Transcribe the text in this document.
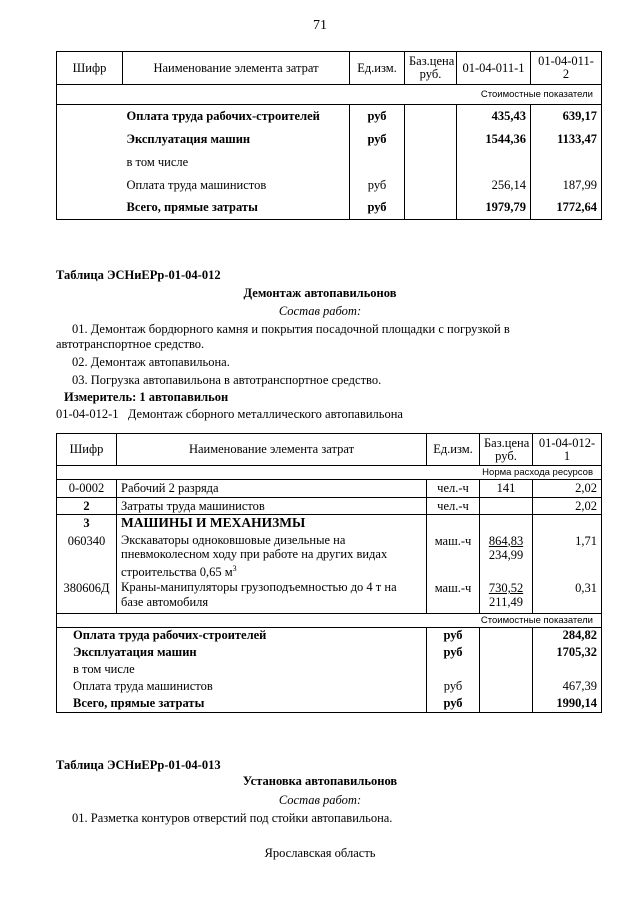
71
Шифр	Наименование элемента затрат	Ед.изм.	Баз.цена руб.	01-04-011-1	01-04-011-2
Стоимостные показатели					
	Оплата труда рабочих-строителей	руб		435,43	639,17
	Эксплуатация машин	руб		1544,36	1133,47
	в том числе				
	Оплата труда машинистов	руб		256,14	187,99
	Всего, прямые затраты	руб		1979,79	1772,64
Таблица ЭСНиЕРр-01-04-012
Демонтаж автопавильонов
Состав работ:
01. Демонтаж бордюрного камня и покрытия посадочной площадки с погрузкой в
автотранспортное средство.
02. Демонтаж автопавильона.
03. Погрузка автопавильона в автотранспортное средство.
Измеритель: 1 автопавильон
01-04-012-1   Демонтаж сборного металлического автопавильона
Шифр	Наименование элемента затрат	Ед.изм.	Баз.цена руб.	01-04-012-1
Норма расхода ресурсов				
0-0002	Рабочий 2 разряда	чел.-ч	141	2,02
2	Затраты труда машинистов	чел.-ч		2,02
3	МАШИНЫ И МЕХАНИЗМЫ			
060340	Экскаваторы одноковшовые дизельные на
пневмоколесном ходу при работе на других видах
строительства 0,65 $м^3$	маш.-ч	864,83
234,99	1,71
380606Д	Краны-манипуляторы грузоподъемностью до 4 т на
базе автомобиля	маш.-ч	730,52
211,49	0,31
Стоимостные показатели				
Оплата труда рабочих-строителей		руб		284,82
Эксплуатация машин		руб		1705,32
в том числе				
Оплата труда машинистов		руб		467,39
Всего, прямые затраты		руб		1990,14
Таблица ЭСНиЕРр-01-04-013
Установка автопавильонов
Состав работ:
01. Разметка контуров отверстий под стойки автопавильона.
Ярославская область
